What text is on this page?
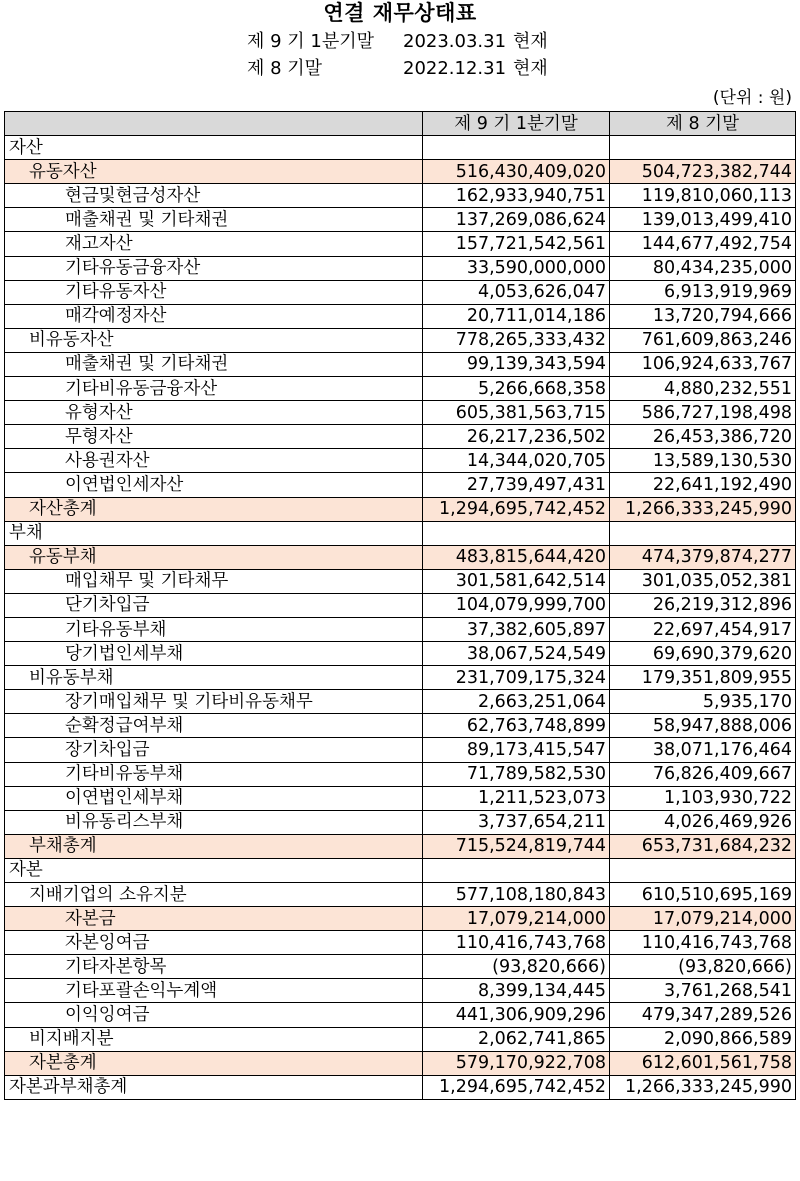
연결 재무상태표
제 9 기 1분기말 2023.03.31 현재
제 8 기말	2022.12.31 현재
(단위 : 원)
	제 9 기 1분기말	제 8 기말
자산		
유동자산	516,430,409,020	504,723,382,744
현금및현금성자산	162,933,940,751	119,810,060,113
매출채권 및 기타채권	137,269,086,624	139,013,499,410
재고자산	157,721,542,561	144,677,492,754
기타유동금융자산	33,590,000,000	80,434,235,000
기타유동자산	4,053,626,047	6,913,919,969
매각예정자산	20,711,014,186	13,720,794,666
비유동자산	778,265,333,432	761,609,863,246
매출채권 및 기타채권	99,139,343,594	106,924,633,767
기타비유동금융자산	5,266,668,358	4,880,232,551
유형자산	605,381,563,715	586,727,198,498
무형자산	26,217,236,502	26,453,386,720
사용권자산	14,344,020,705	13,589,130,530
이연법인세자산	27,739,497,431	22,641,192,490
자산총계	1,294,695,742,452	1,266,333,245,990
부채		
유동부채	483,815,644,420	474,379,874,277
매입채무 및 기타채무	301,581,642,514	301,035,052,381
단기차입금	104,079,999,700	26,219,312,896
기타유동부채	37,382,605,897	22,697,454,917
당기법인세부채	38,067,524,549	69,690,379,620
비유동부채	231,709,175,324	179,351,809,955
장기매입채무 및 기타비유동채무	2,663,251,064	5,935,170
순확정급여부채	62,763,748,899	58,947,888,006
장기차입금	89,173,415,547	38,071,176,464
기타비유동부채	71,789,582,530	76,826,409,667
이연법인세부채	1,211,523,073	1,103,930,722
비유동리스부채	3,737,654,211	4,026,469,926
부채총계	715,524,819,744	653,731,684,232
자본		
지배기업의 소유지분	577,108,180,843	610,510,695,169
자본금	17,079,214,000	17,079,214,000
자본잉여금	110,416,743,768	110,416,743,768
기타자본항목	(93,820,666)	(93,820,666)
기타포괄손익누계액	8,399,134,445	3,761,268,541
이익잉여금	441,306,909,296	479,347,289,526
비지배지분	2,062,741,865	2,090,866,589
자본총계	579,170,922,708	612,601,561,758
자본과부채총계	1,294,695,742,452	1,266,333,245,990
